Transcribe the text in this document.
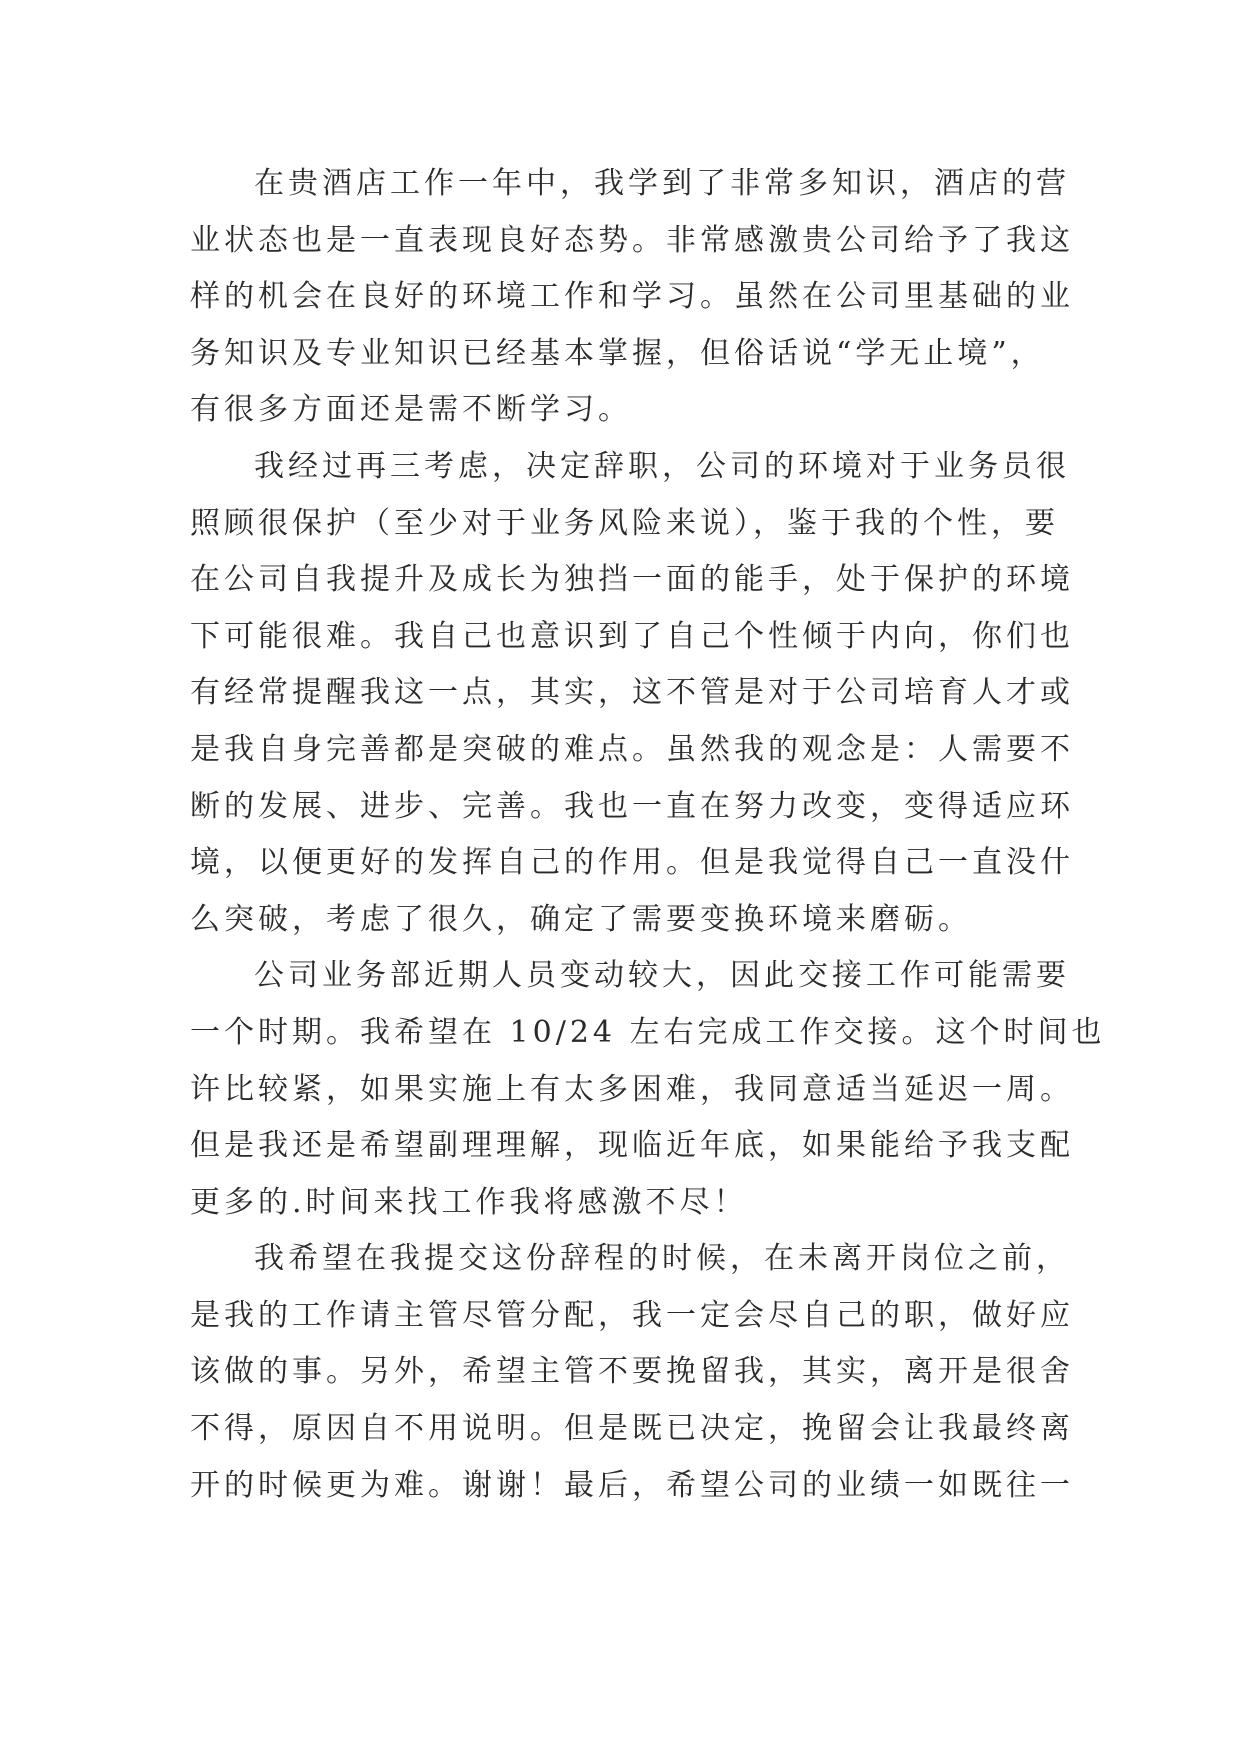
在贵酒店工作一年中，我学到了非常多知识，酒店的营
业状态也是一直表现良好态势。非常感激贵公司给予了我这
样的机会在良好的环境工作和学习。虽然在公司里基础的业
务知识及专业知识已经基本掌握，但俗话说“学无止境”，
有很多方面还是需不断学习。
我经过再三考虑，决定辞职，公司的环境对于业务员很
照顾很保护（至少对于业务风险来说），鉴于我的个性，要
在公司自我提升及成长为独挡一面的能手，处于保护的环境
下可能很难。我自己也意识到了自己个性倾于内向，你们也
有经常提醒我这一点，其实，这不管是对于公司培育人才或
是我自身完善都是突破的难点。虽然我的观念是：人需要不
断的发展、进步、完善。我也一直在努力改变，变得适应环
境，以便更好的发挥自己的作用。但是我觉得自己一直没什
么突破，考虑了很久，确定了需要变换环境来磨砺。
公司业务部近期人员变动较大，因此交接工作可能需要
一个时期。我希望在 10/24 左右完成工作交接。这个时间也
许比较紧，如果实施上有太多困难，我同意适当延迟一周。
但是我还是希望副理理解，现临近年底，如果能给予我支配
更多的.时间来找工作我将感激不尽！
我希望在我提交这份辞程的时候，在未离开岗位之前，
是我的工作请主管尽管分配，我一定会尽自己的职，做好应
该做的事。另外，希望主管不要挽留我，其实，离开是很舍
不得，原因自不用说明。但是既已决定，挽留会让我最终离
开的时候更为难。谢谢！最后，希望公司的业绩一如既往一
